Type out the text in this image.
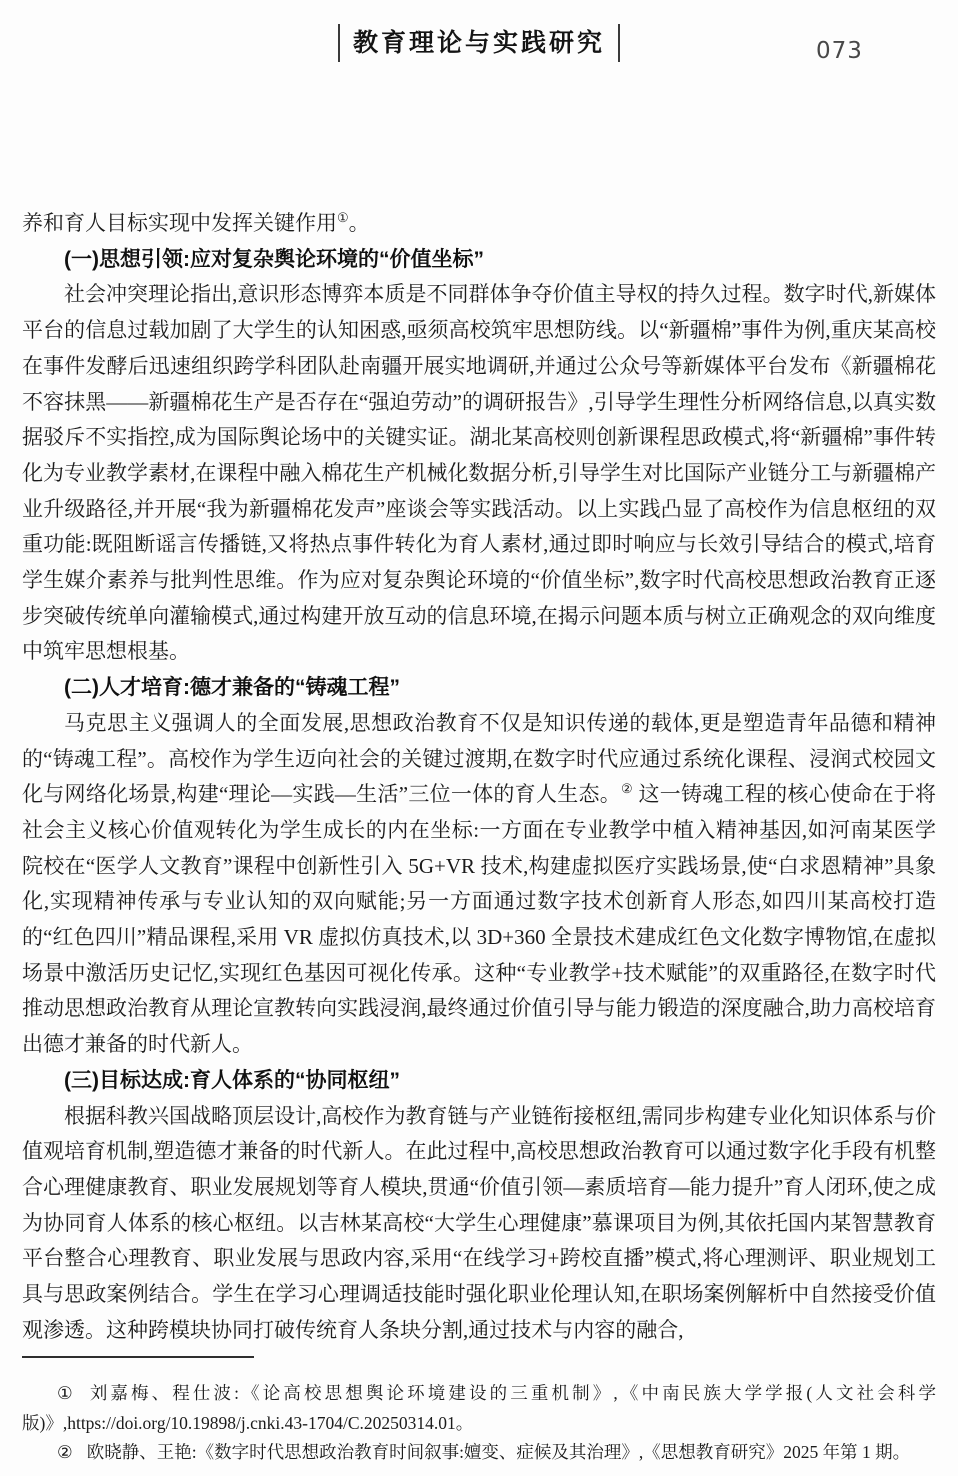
教育理论与实践研究	073

养和育人目标实现中发挥关键作用①。

(一)思想引领:应对复杂舆论环境的“价值坐标”

社会冲突理论指出,意识形态博弈本质是不同群体争夺价值主导权的持久过程。数字时代,新媒体平台的信息过载加剧了大学生的认知困惑,亟须高校筑牢思想防线。以“新疆棉”事件为例,重庆某高校在事件发酵后迅速组织跨学科团队赴南疆开展实地调研,并通过公众号等新媒体平台发布《新疆棉花不容抹黑——新疆棉花生产是否存在“强迫劳动”的调研报告》,引导学生理性分析网络信息,以真实数据驳斥不实指控,成为国际舆论场中的关键实证。湖北某高校则创新课程思政模式,将“新疆棉”事件转化为专业教学素材,在课程中融入棉花生产机械化数据分析,引导学生对比国际产业链分工与新疆棉产业升级路径,并开展“我为新疆棉花发声”座谈会等实践活动。以上实践凸显了高校作为信息枢纽的双重功能:既阻断谣言传播链,又将热点事件转化为育人素材,通过即时响应与长效引导结合的模式,培育学生媒介素养与批判性思维。作为应对复杂舆论环境的“价值坐标”,数字时代高校思想政治教育正逐步突破传统单向灌输模式,通过构建开放互动的信息环境,在揭示问题本质与树立正确观念的双向维度中筑牢思想根基。

(二)人才培育:德才兼备的“铸魂工程”

马克思主义强调人的全面发展,思想政治教育不仅是知识传递的载体,更是塑造青年品德和精神的“铸魂工程”。高校作为学生迈向社会的关键过渡期,在数字时代应通过系统化课程、浸润式校园文化与网络化场景,构建“理论—实践—生活”三位一体的育人生态。② 这一铸魂工程的核心使命在于将社会主义核心价值观转化为学生成长的内在坐标:一方面在专业教学中植入精神基因,如河南某医学院校在“医学人文教育”课程中创新性引入 5G+VR 技术,构建虚拟医疗实践场景,使“白求恩精神”具象化,实现精神传承与专业认知的双向赋能;另一方面通过数字技术创新育人形态,如四川某高校打造的“红色四川”精品课程,采用 VR 虚拟仿真技术,以 3D+360 全景技术建成红色文化数字博物馆,在虚拟场景中激活历史记忆,实现红色基因可视化传承。这种“专业教学+技术赋能”的双重路径,在数字时代推动思想政治教育从理论宣教转向实践浸润,最终通过价值引导与能力锻造的深度融合,助力高校培育出德才兼备的时代新人。

(三)目标达成:育人体系的“协同枢纽”

根据科教兴国战略顶层设计,高校作为教育链与产业链衔接枢纽,需同步构建专业化知识体系与价值观培育机制,塑造德才兼备的时代新人。在此过程中,高校思想政治教育可以通过数字化手段有机整合心理健康教育、职业发展规划等育人模块,贯通“价值引领—素质培育—能力提升”育人闭环,使之成为协同育人体系的核心枢纽。以吉林某高校“大学生心理健康”慕课项目为例,其依托国内某智慧教育平台整合心理教育、职业发展与思政内容,采用“在线学习+跨校直播”模式,将心理测评、职业规划工具与思政案例结合。学生在学习心理调适技能时强化职业伦理认知,在职场案例解析中自然接受价值观渗透。这种跨模块协同打破传统育人条块分割,通过技术与内容的融合,

① 刘嘉梅、程仕波:《论高校思想舆论环境建设的三重机制》,《中南民族大学学报(人文社会科学版)》,https://doi.org/10.19898/j.cnki.43-1704/C.20250314.01。

② 欧晓静、王艳:《数字时代思想政治教育时间叙事:嬗变、症候及其治理》,《思想教育研究》2025 年第 1 期。
